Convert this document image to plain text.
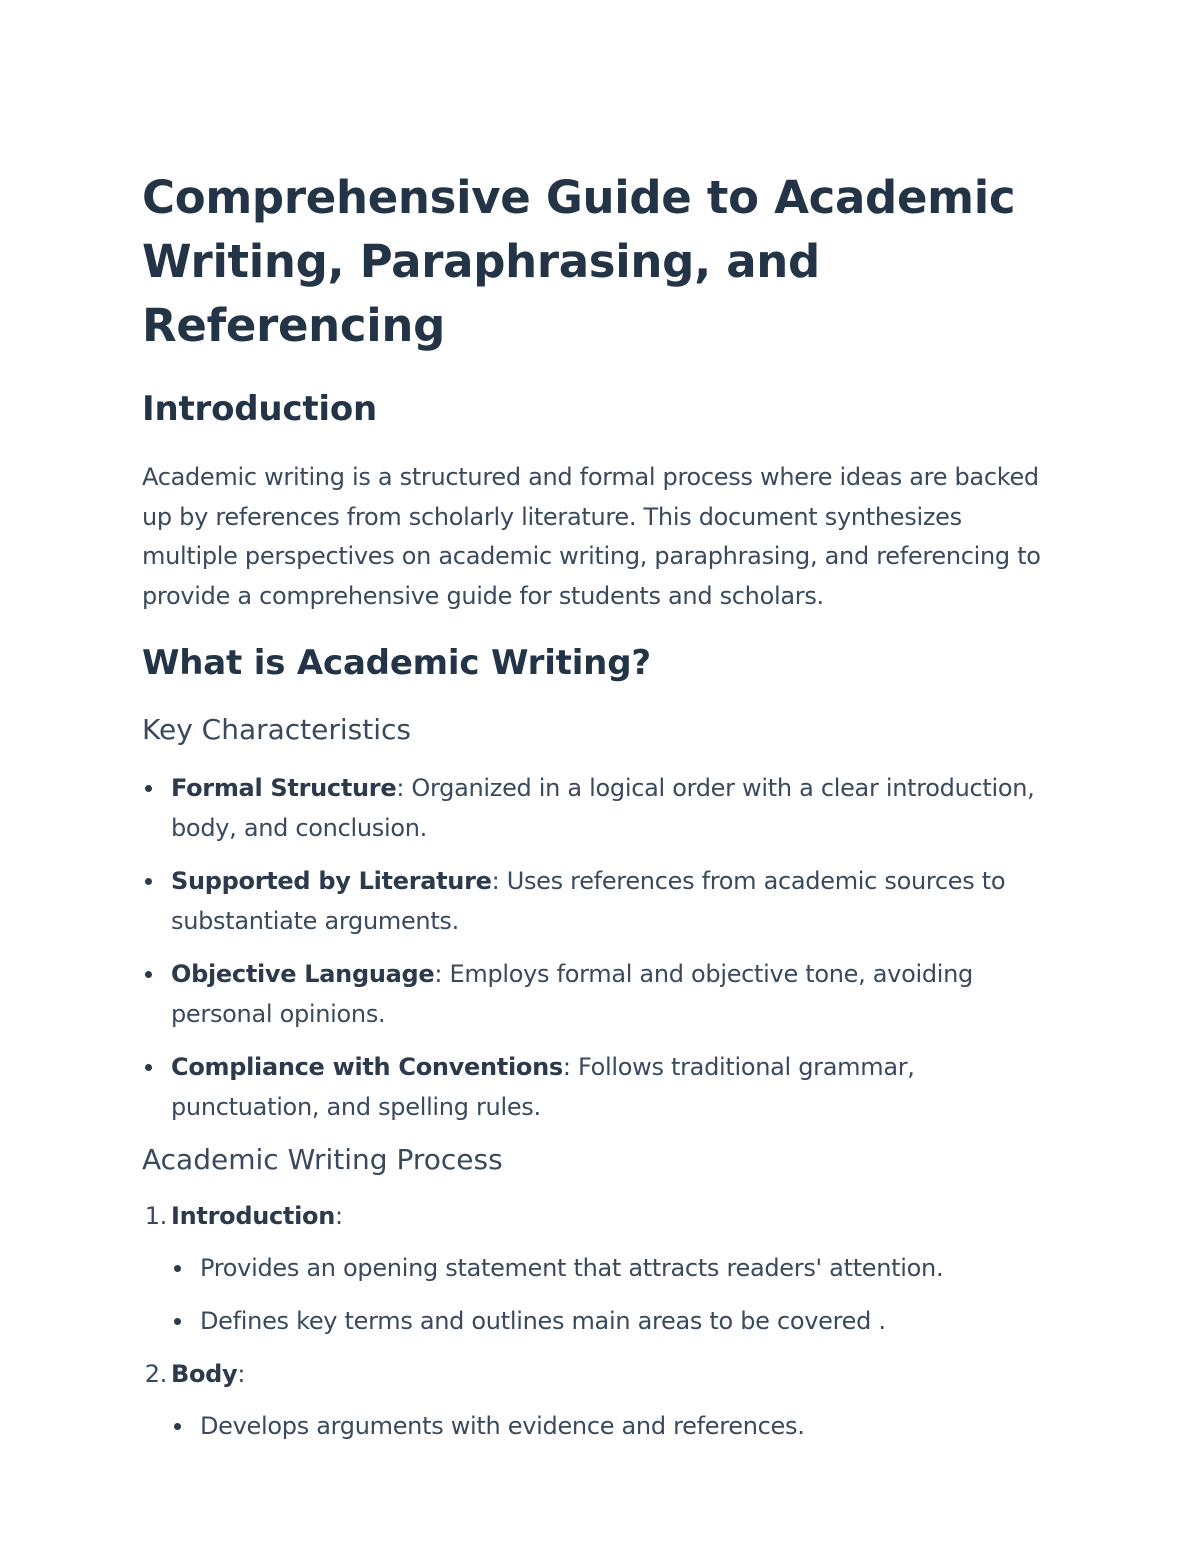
Comprehensive Guide to Academic Writing, Paraphrasing, and Referencing
Introduction

Academic writing is a structured and formal process where ideas are backed up by references from scholarly literature. This document synthesizes multiple perspectives on academic writing, paraphrasing, and referencing to provide a comprehensive guide for students and scholars.

What is Academic Writing?
Key Characteristics
Formal Structure: Organized in a logical order with a clear introduction, body, and conclusion.
Supported by Literature: Uses references from academic sources to substantiate arguments.
Objective Language: Employs formal and objective tone, avoiding personal opinions.
Compliance with Conventions: Follows traditional grammar, punctuation, and spelling rules.
Academic Writing Process
1. Introduction:
Provides an opening statement that attracts readers' attention.
Defines key terms and outlines main areas to be covered .
2. Body:
Develops arguments with evidence and references.
